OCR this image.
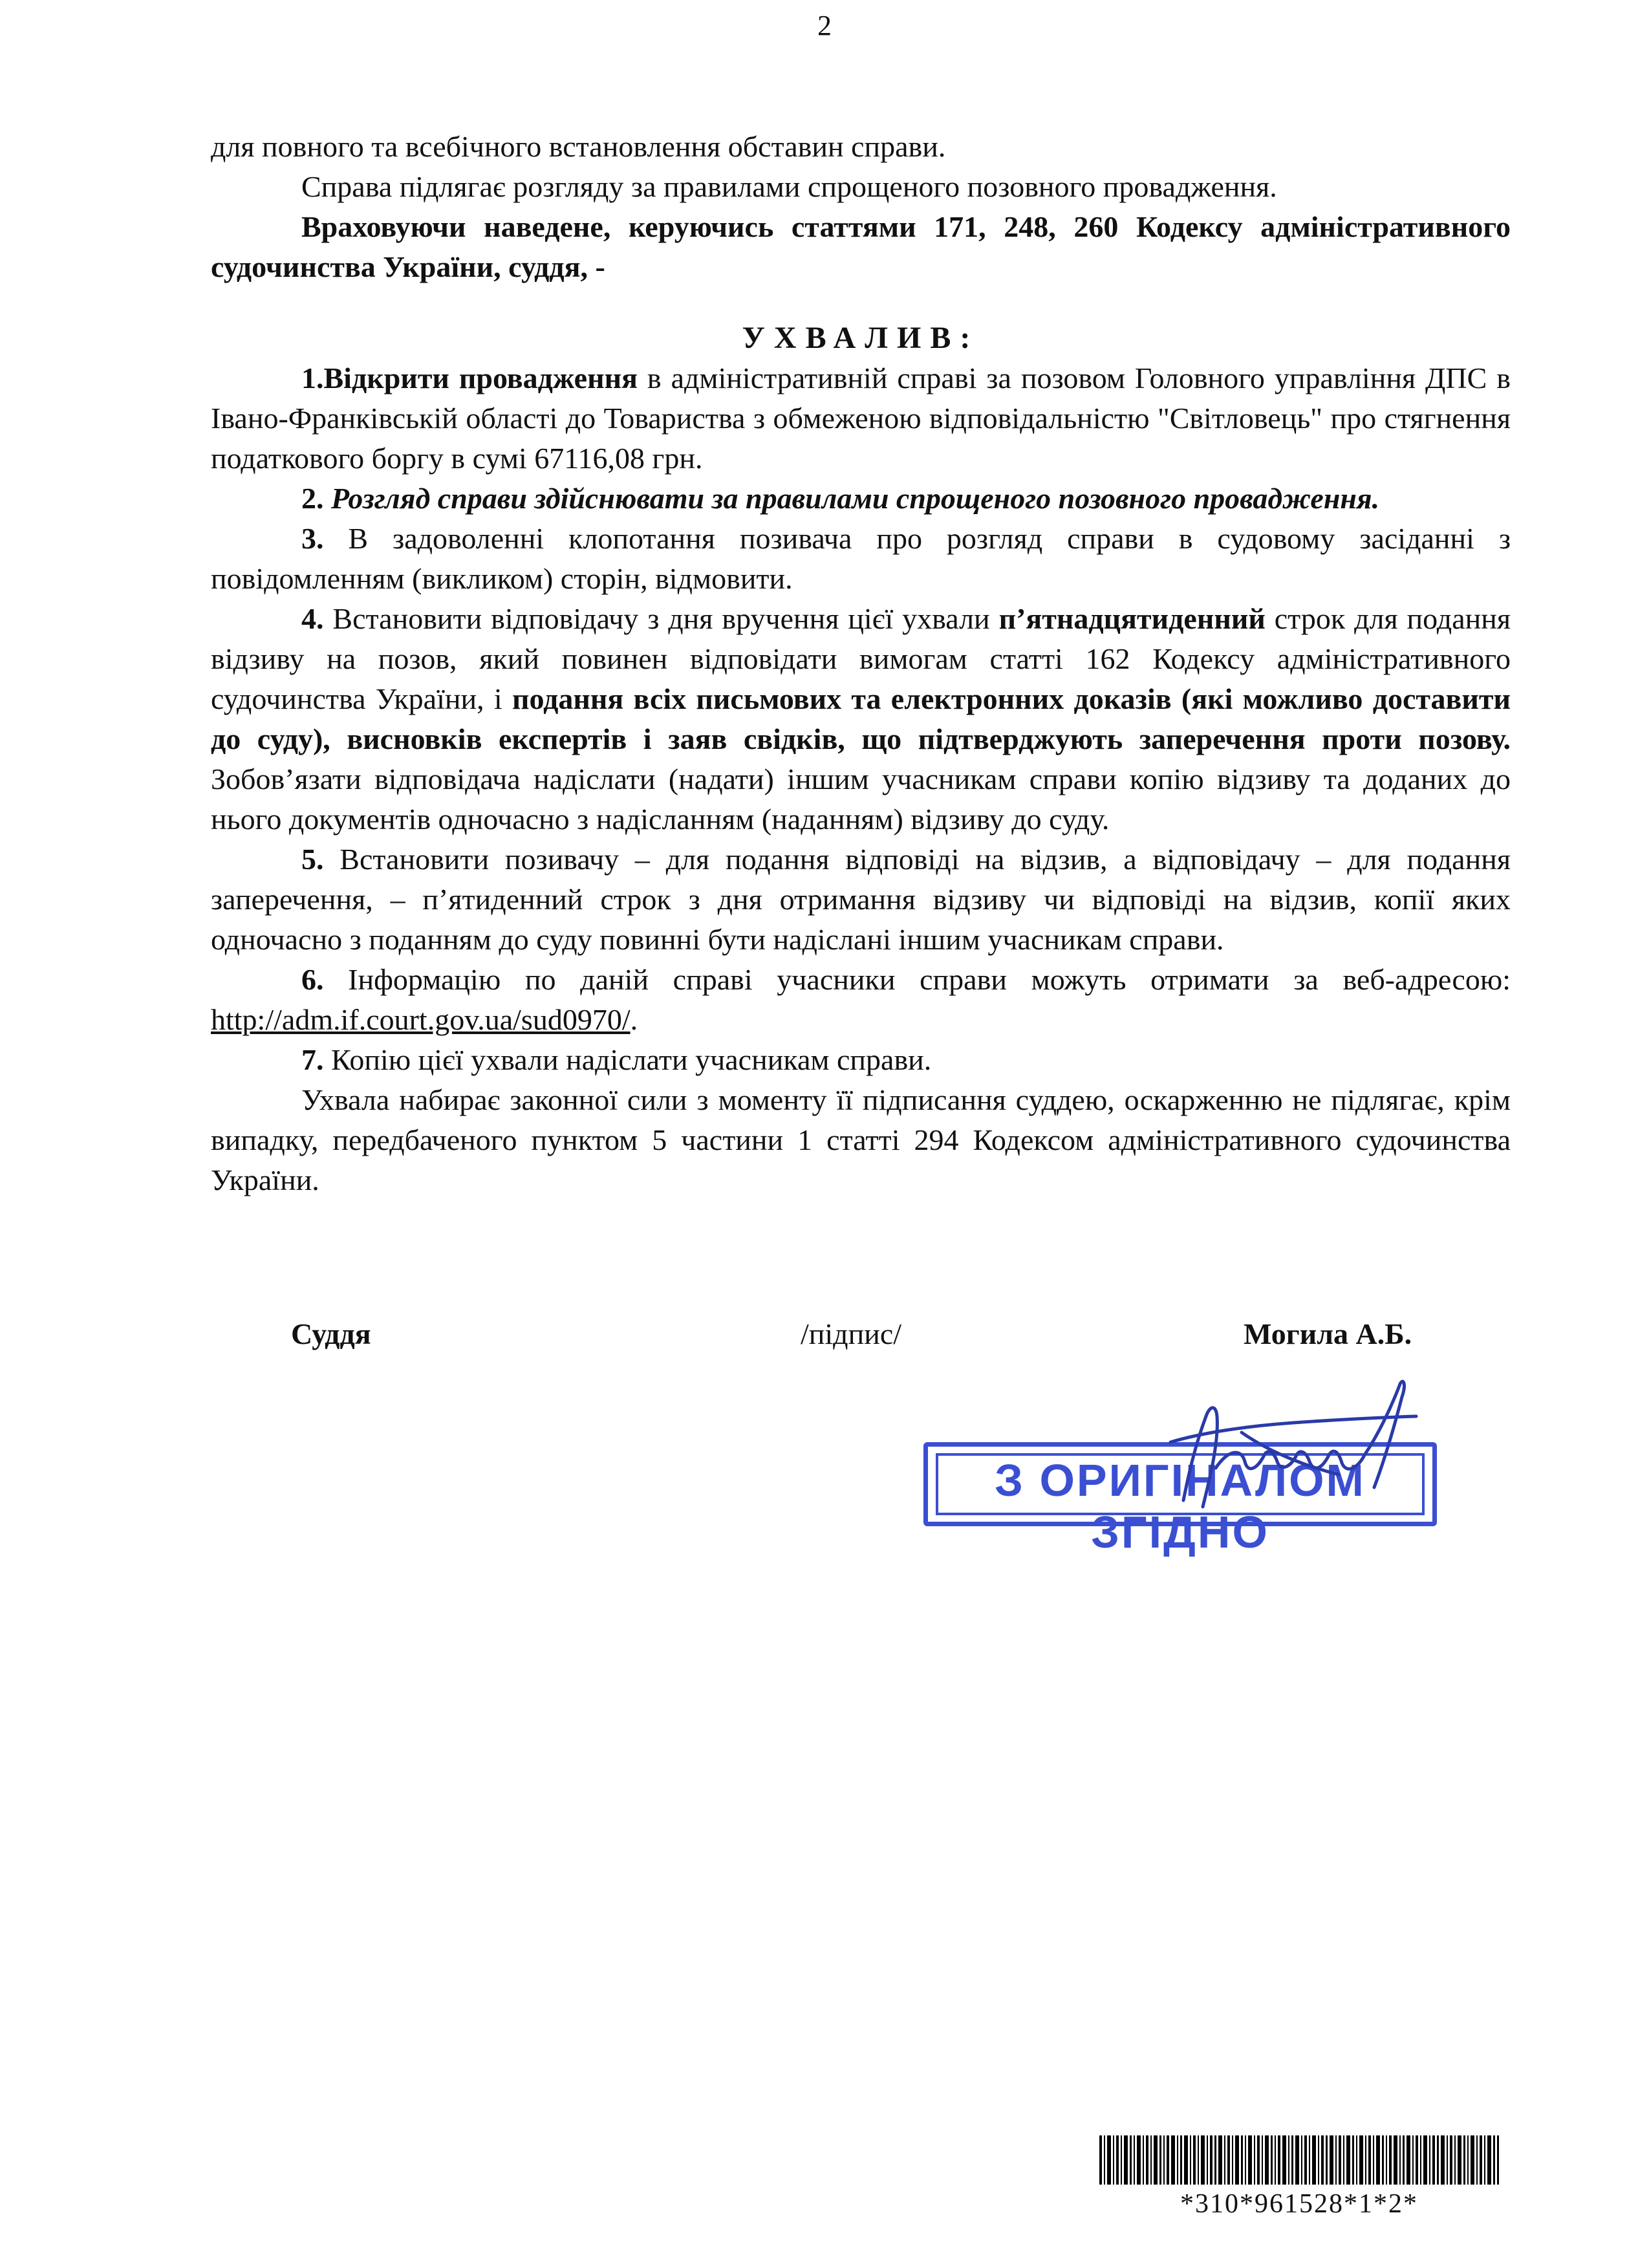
2

для повного та всебічного встановлення обставин справи.

Справа підлягає розгляду за правилами спрощеного позовного провадження.

Враховуючи наведене, керуючись статтями 171, 248, 260 Кодексу адміністративного судочинства України, суддя, -

УХВАЛИВ:

1.Відкрити провадження в адміністративній справі за позовом Головного управління ДПС в Івано-Франківській області до Товариства з обмеженою відповідальністю "Світловець" про стягнення податкового боргу в сумі 67116,08 грн.

2. Розгляд справи здійснювати за правилами спрощеного позовного провадження.

3. В задоволенні клопотання позивача про розгляд справи в судовому засіданні з повідомленням (викликом) сторін, відмовити.

4. Встановити відповідачу з дня вручення цієї ухвали п’ятнадцятиденний строк для подання відзиву на позов, який повинен відповідати вимогам статті 162 Кодексу адміністративного судочинства України, і подання всіх письмових та електронних доказів (які можливо доставити до суду), висновків експертів і заяв свідків, що підтверджують заперечення проти позову. Зобов’язати відповідача надіслати (надати) іншим учасникам справи копію відзиву та доданих до нього документів одночасно з надісланням (наданням) відзиву до суду.

5. Встановити позивачу – для подання відповіді на відзив, а відповідачу – для подання заперечення, – п’ятиденний строк з дня отримання відзиву чи відповіді на відзив, копії яких одночасно з поданням до суду повинні бути надіслані іншим учасникам справи.

6. Інформацію по даній справі учасники справи можуть отримати за веб-адресою: http://adm.if.court.gov.ua/sud0970/.

7. Копію цієї ухвали надіслати учасникам справи.

Ухвала набирає законної сили з моменту її підписання суддею, оскарженню не підлягає, крім випадку, передбаченого пунктом 5 частини 1 статті 294 Кодексом адміністративного судочинства України.

Суддя	/підпис/	Могила А.Б.
З ОРИГІНАЛОМ ЗГІДНО
*310*961528*1*2*
